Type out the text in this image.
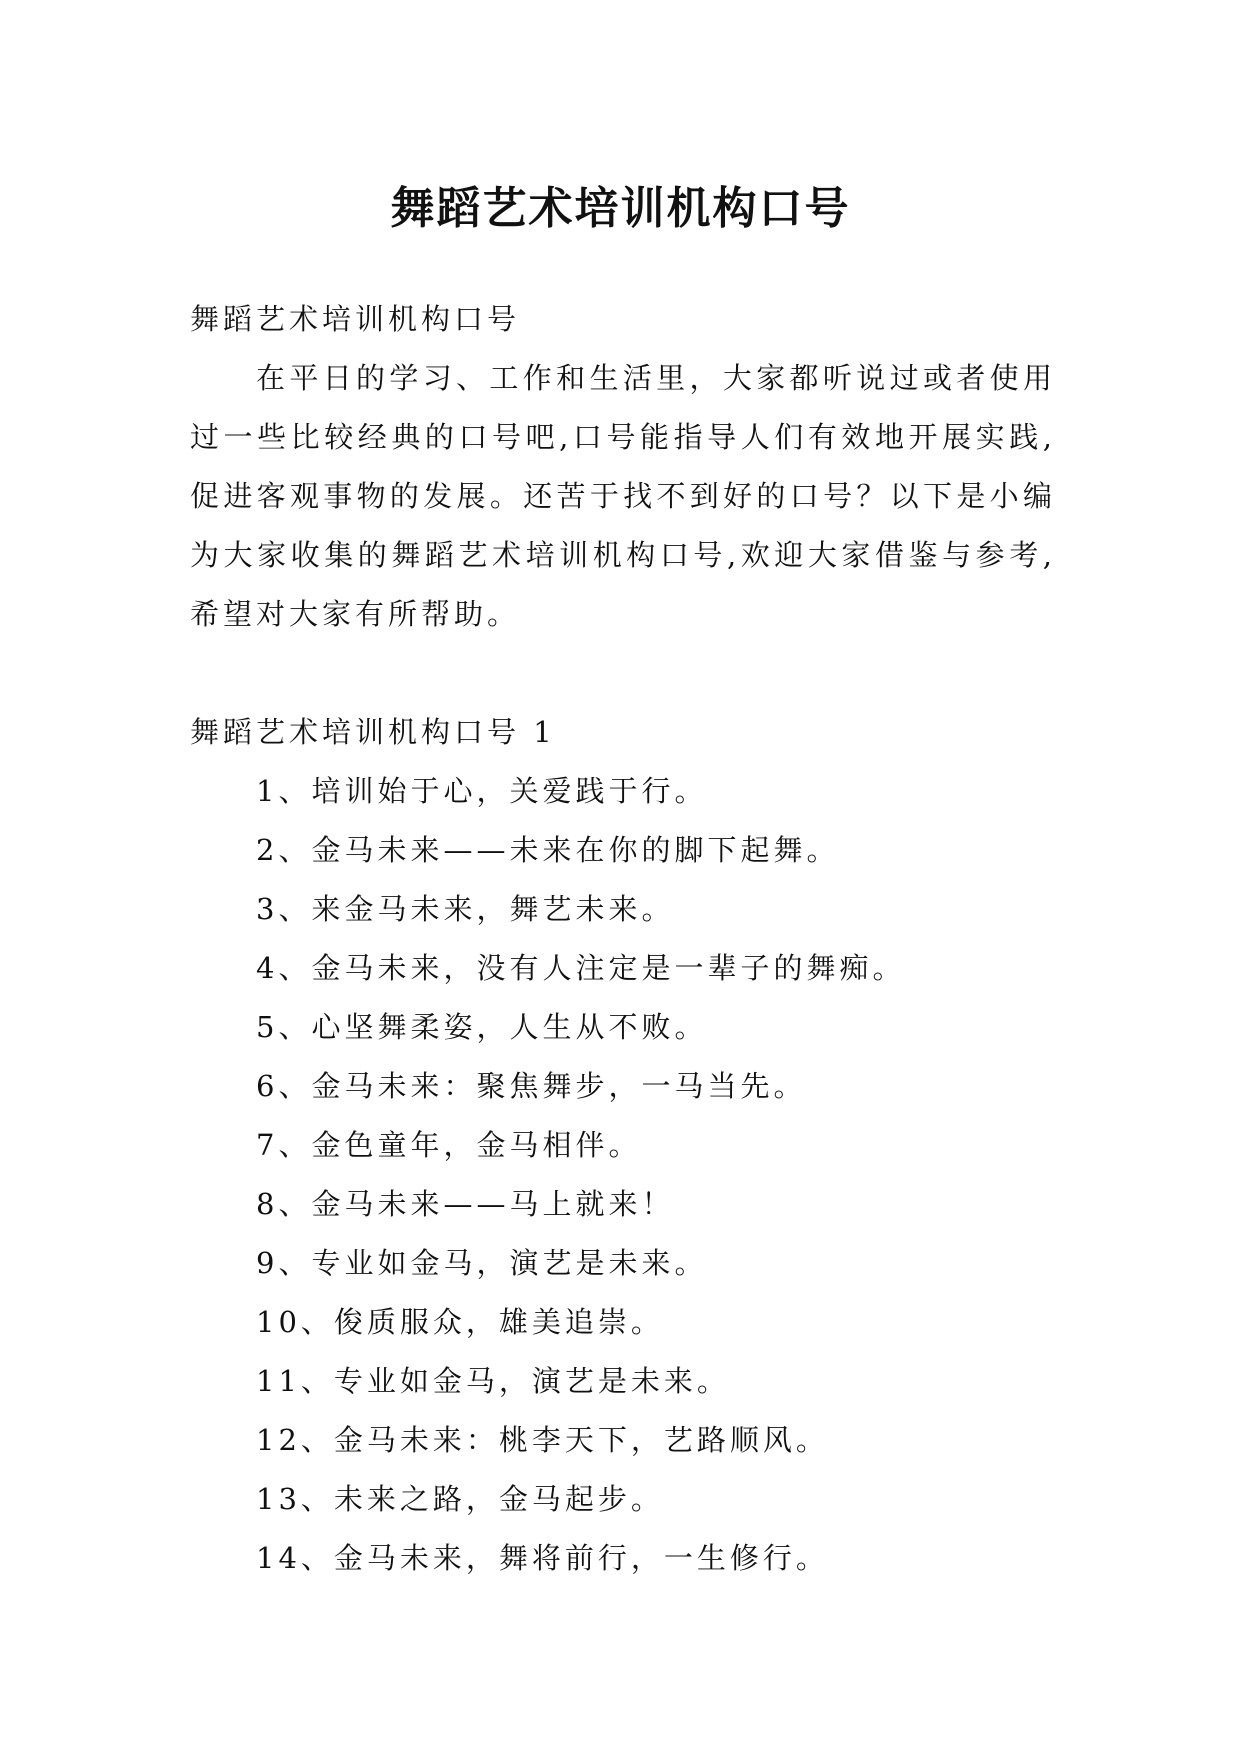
舞蹈艺术培训机构口号

舞蹈艺术培训机构口号

在平日的学习、工作和生活里，大家都听说过或者使用过一些比较经典的口号吧,口号能指导人们有效地开展实践,促进客观事物的发展。还苦于找不到好的口号？以下是小编为大家收集的舞蹈艺术培训机构口号,欢迎大家借鉴与参考,希望对大家有所帮助。

舞蹈艺术培训机构口号 1

1、培训始于心，关爱践于行。
2、金马未来——未来在你的脚下起舞。
3、来金马未来，舞艺未来。
4、金马未来，没有人注定是一辈子的舞痴。
5、心坚舞柔姿，人生从不败。
6、金马未来：聚焦舞步，一马当先。
7、金色童年，金马相伴。
8、金马未来——马上就来！
9、专业如金马，演艺是未来。
10、俊质服众，雄美追崇。
11、专业如金马，演艺是未来。
12、金马未来：桃李天下，艺路顺风。
13、未来之路，金马起步。
14、金马未来，舞将前行，一生修行。
